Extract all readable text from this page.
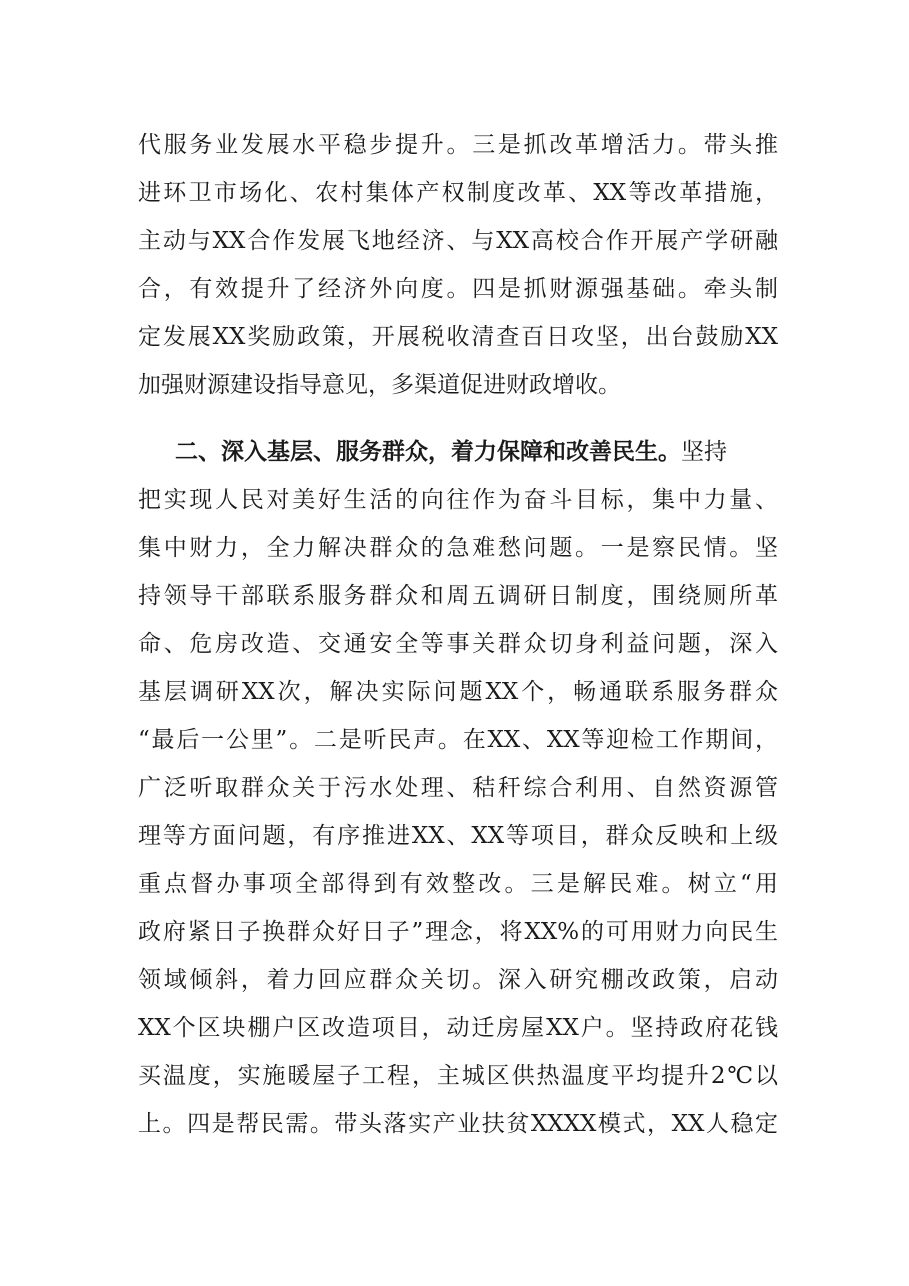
代服务业发展水平稳步提升。三是抓改革增活力。带头推
进环卫市场化、农村集体产权制度改革、XX等改革措施，
主动与XX合作发展飞地经济、与XX高校合作开展产学研融
合，有效提升了经济外向度。四是抓财源强基础。牵头制
定发展XX奖励政策，开展税收清查百日攻坚，出台鼓励XX
加强财源建设指导意见，多渠道促进财政增收。
二、深入基层、服务群众，着力保障和改善民生。坚持
把实现人民对美好生活的向往作为奋斗目标，集中力量、
集中财力，全力解决群众的急难愁问题。一是察民情。坚
持领导干部联系服务群众和周五调研日制度，围绕厕所革
命、危房改造、交通安全等事关群众切身利益问题，深入
基层调研XX次，解决实际问题XX个，畅通联系服务群众
“最后一公里”。二是听民声。在XX、XX等迎检工作期间，
广泛听取群众关于污水处理、秸秆综合利用、自然资源管
理等方面问题，有序推进XX、XX等项目，群众反映和上级
重点督办事项全部得到有效整改。三是解民难。树立“用
政府紧日子换群众好日子”理念，将XX%的可用财力向民生
领域倾斜，着力回应群众关切。深入研究棚改政策，启动
XX个区块棚户区改造项目，动迁房屋XX户。坚持政府花钱
买温度，实施暖屋子工程，主城区供热温度平均提升2℃以
上。四是帮民需。带头落实产业扶贫XXXX模式，XX人稳定
